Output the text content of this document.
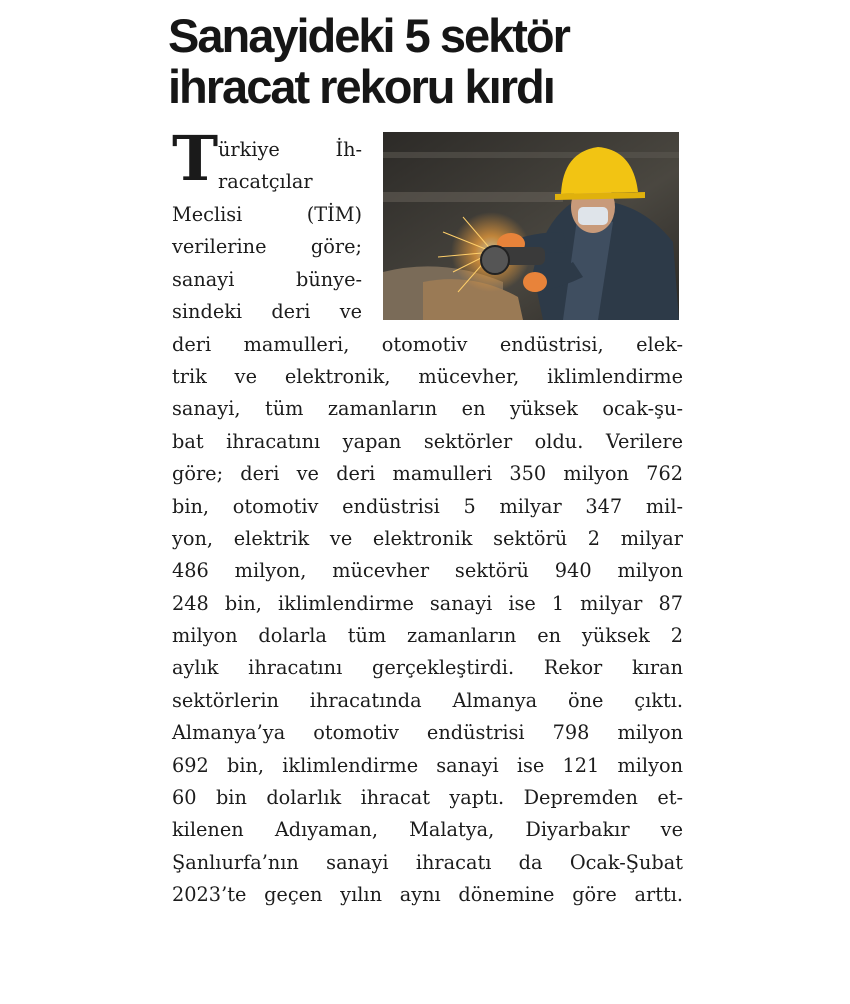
Sanayideki 5 sektör
ihracat rekoru kırdı
T ürkiye İh-
racatçılar
Meclisi (TİM)
verilerine göre;
sanayi bünye-
sindeki deri ve
deri mamulleri, otomotiv endüstrisi, elek-
trik ve elektronik, mücevher, iklimlendirme
sanayi, tüm zamanların en yüksek ocak-şu-
bat ihracatını yapan sektörler oldu. Verilere
göre; deri ve deri mamulleri 350 milyon 762
bin, otomotiv endüstrisi 5 milyar 347 mil-
yon, elektrik ve elektronik sektörü 2 milyar
486 milyon, mücevher sektörü 940 milyon
248 bin, iklimlendirme sanayi ise 1 milyar 87
milyon dolarla tüm zamanların en yüksek 2
aylık ihracatını gerçekleştirdi. Rekor kıran
sektörlerin ihracatında Almanya öne çıktı.
Almanya’ya otomotiv endüstrisi 798 milyon
692 bin, iklimlendirme sanayi ise 121 milyon
60 bin dolarlık ihracat yaptı. Depremden et-
kilenen Adıyaman, Malatya, Diyarbakır ve
Şanlıurfa’nın sanayi ihracatı da Ocak-Şubat
2023’te geçen yılın aynı dönemine göre arttı.
